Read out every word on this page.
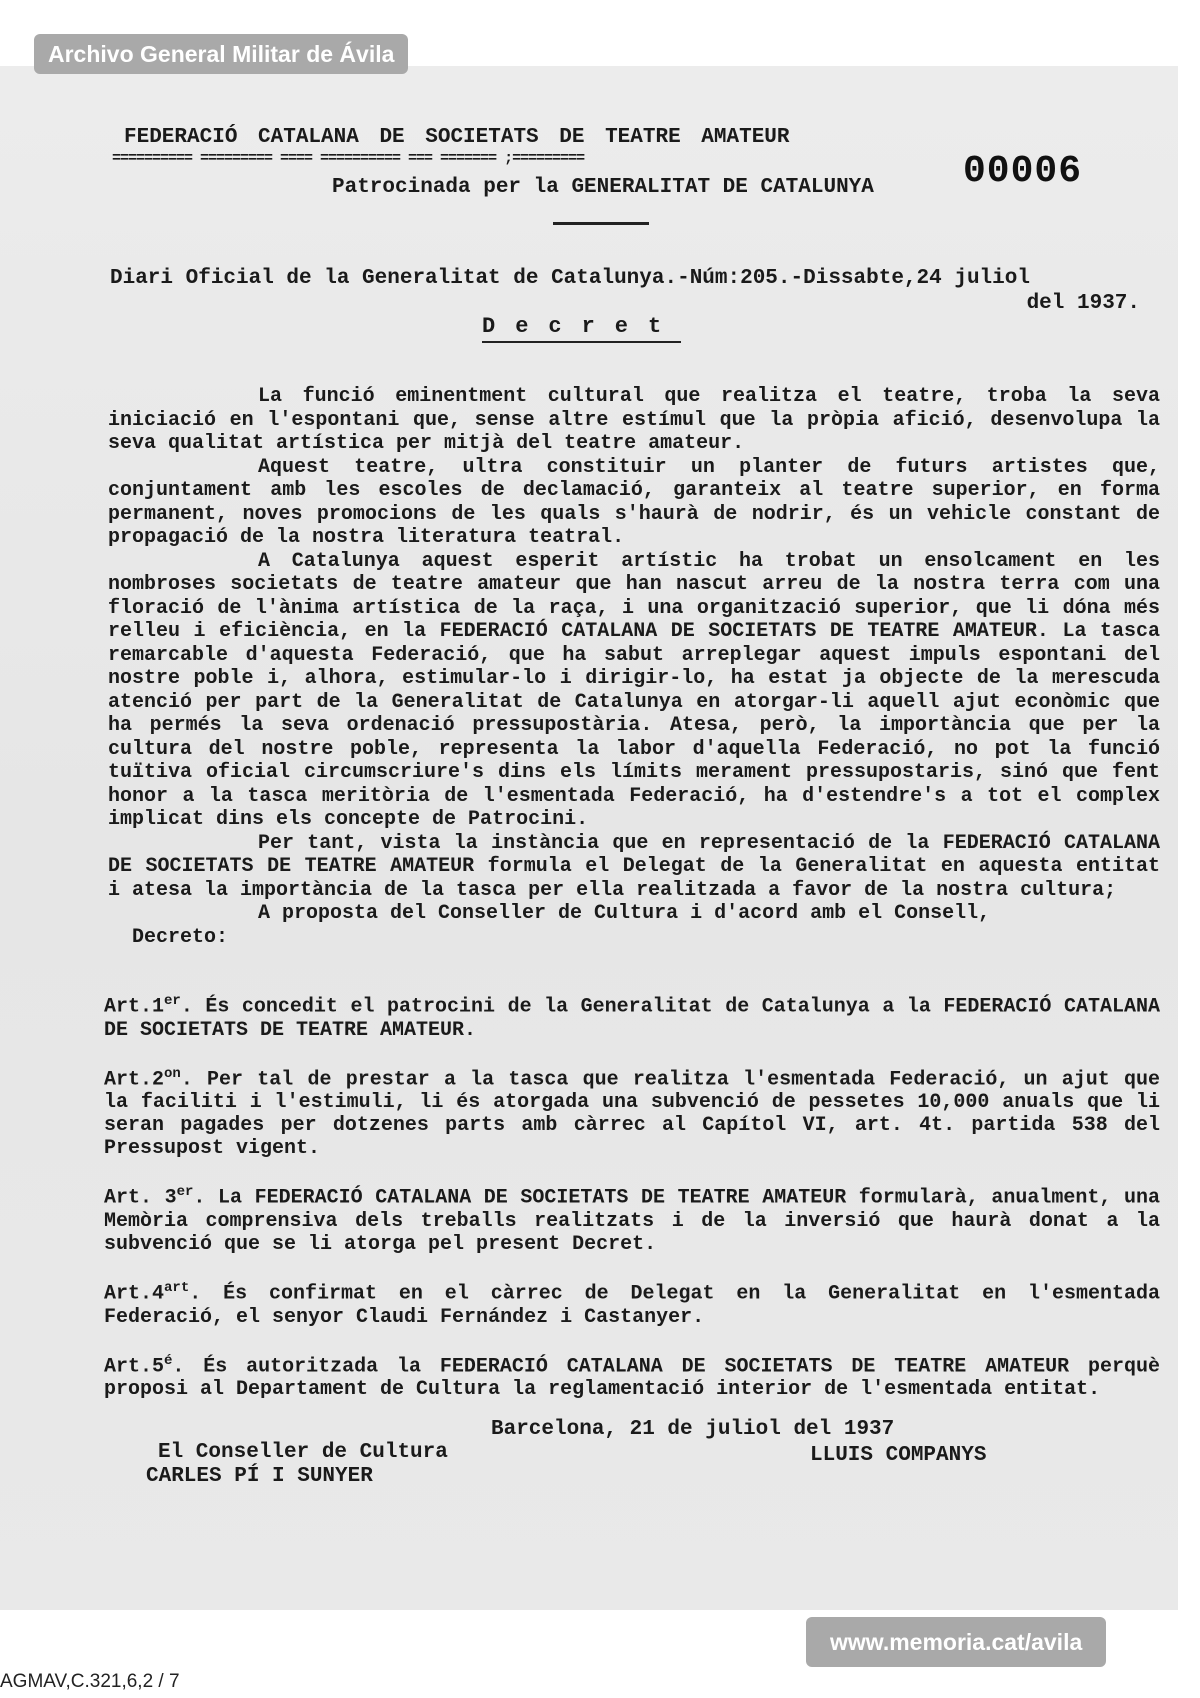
Archivo General Militar de Ávila
FEDERACIÓ CATALANA DE SOCIETATS DE TEATRE AMATEUR
========== ========= ==== ========== === ======= ;=========
Patrocinada per la GENERALITAT DE CATALUNYA 00006
Diari Oficial de la Generalitat de Catalunya.-Núm:205.-Dissabte,24 juliol
del 1937.
Decret

La funció eminentment cultural que realitza el teatre, troba la seva iniciació en l'espontani que, sense altre estímul que la pròpia afició, desenvolupa la seva qualitat artística per mitjà del teatre amateur.

Aquest teatre, ultra constituir un planter de futurs artistes que, conjuntament amb les escoles de declamació, garanteix al teatre superior, en forma permanent, noves promocions de les quals s'haurà de nodrir, és un vehicle constant de propagació de la nostra literatura teatral.

A Catalunya aquest esperit artístic ha trobat un ensolcament en les nombroses societats de teatre amateur que han nascut arreu de la nostra terra com una floració de l'ànima artística de la raça, i una organització superior, que li dóna més relleu i eficiència, en la FEDERACIÓ CATALANA DE SOCIETATS DE TEATRE AMATEUR. La tasca remarcable d'aquesta Federació, que ha sabut arreplegar aquest impuls espontani del nostre poble i, alhora, estimular-lo i dirigir-lo, ha estat ja objecte de la merescuda atenció per part de la Generalitat de Catalunya en atorgar-li aquell ajut econòmic que ha permés la seva ordenació pressupostària. Atesa, però, la importància que per la cultura del nostre poble, representa la labor d'aquella Federació, no pot la funció tuïtiva oficial circumscriure's dins els límits merament pressupostaris, sinó que fent honor a la tasca meritòria de l'esmentada Federació, ha d'estendre's a tot el complex implicat dins els concepte de Patrocini.

Per tant, vista la instància que en representació de la FEDERACIÓ CATALANA DE SOCIETATS DE TEATRE AMATEUR formula el Delegat de la Generalitat en aquesta entitat i atesa la importància de la tasca per ella realitzada a favor de la nostra cultura;

A proposta del Conseller de Cultura i d'acord amb el Consell,

Decreto:
Art.1er. És concedit el patrocini de la Generalitat de Catalunya a la FEDERACIÓ CATALANA DE SOCIETATS DE TEATRE AMATEUR.
$Art.2^{on}$. Per tal de prestar a la tasca que realitza l'esmentada Federació, un ajut que la faciliti i l'estimuli, li és atorgada una subvenció de pessetes 10,000 anuals que li seran pagades per dotzenes parts amb càrrec al Capítol VI, art. 4t. partida 538 del Pressupost vigent.
Art. 3er. La FEDERACIÓ CATALANA DE SOCIETATS DE TEATRE AMATEUR formularà, anualment, una Memòria comprensiva dels treballs realitzats i de la inversió que haurà donat a la subvenció que se li atorga pel present Decret.
$Art.4^{art}$. És confirmat en el càrrec de Delegat en la Generalitat en l'esmentada Federació, el senyor Claudi Fernández i Castanyer.
$Art.5^é$. És autoritzada la FEDERACIÓ CATALANA DE SOCIETATS DE TEATRE AMATEUR perquè proposi al Departament de Cultura la reglamentació interior de l'esmentada entitat.
Barcelona, 21 de juliol del 1937
El Conseller de Cultura
CARLES PÍ I SUNYER
LLUIS COMPANYS
www.memoria.cat/avila
AGMAV,C.321,6,2 / 7
